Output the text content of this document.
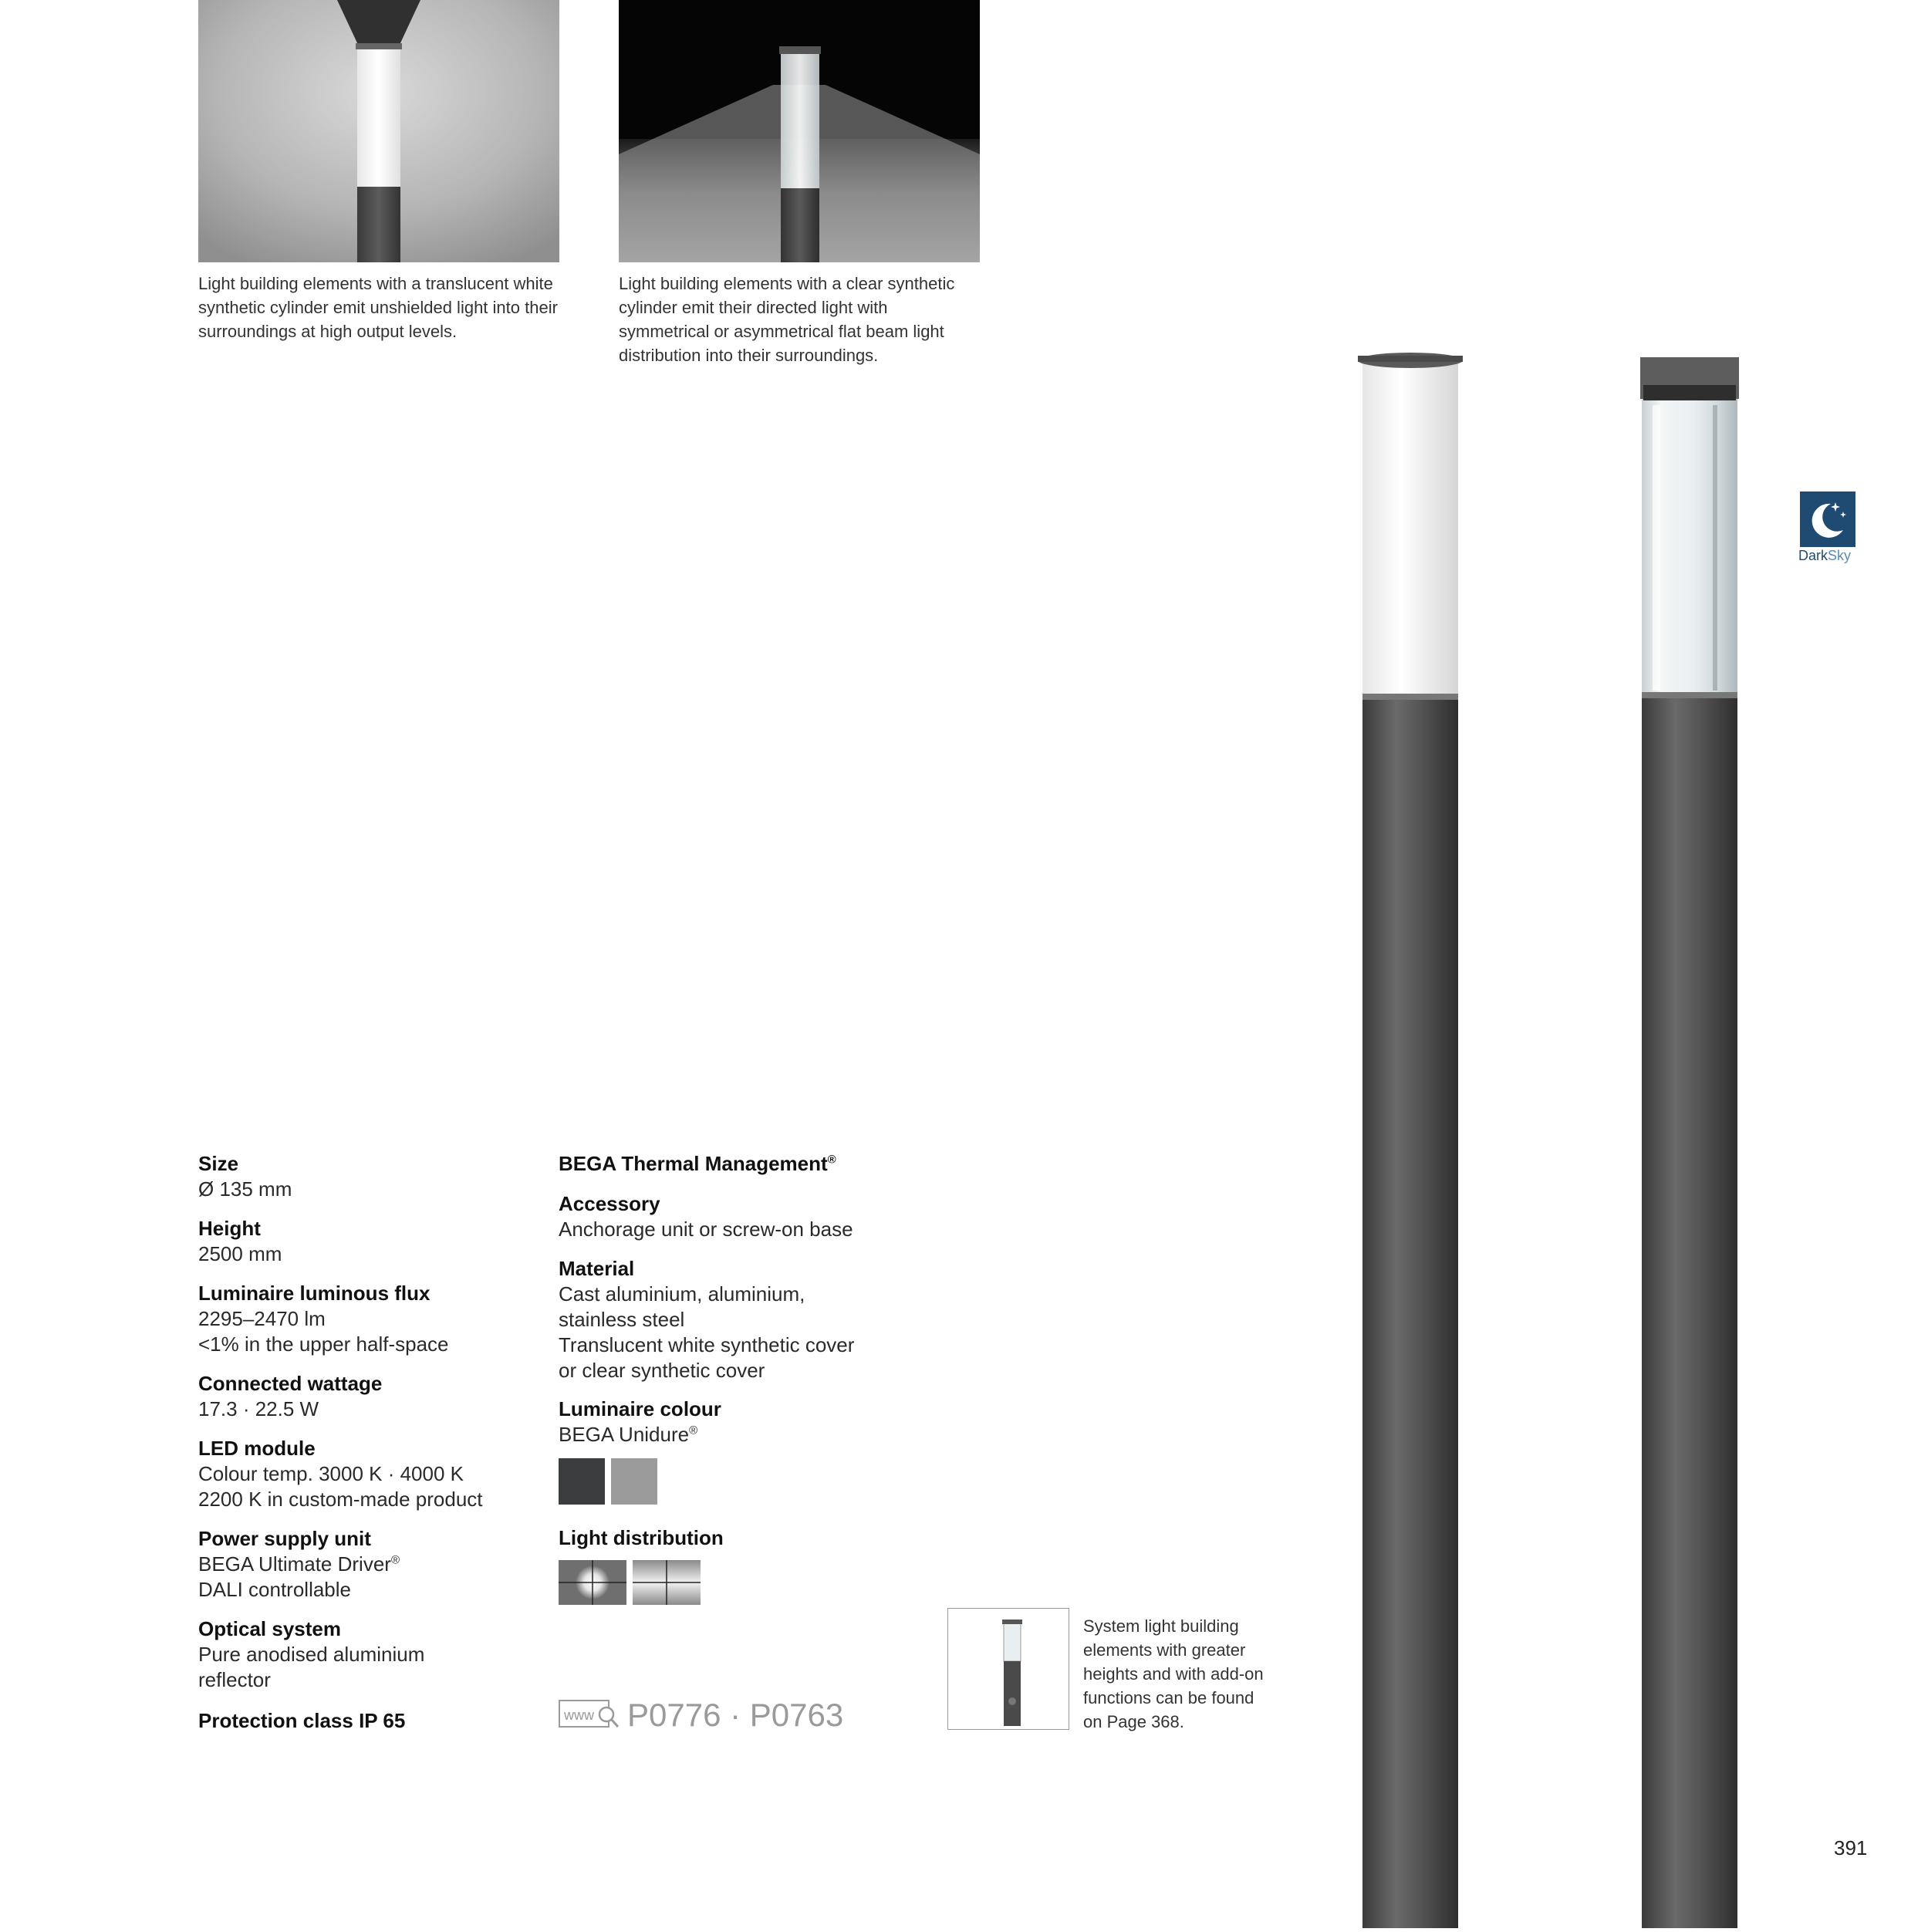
Light building elements with a translucent white synthetic cylinder emit unshielded light into their surroundings at high output levels.
Light building elements with a clear synthetic cylinder emit their directed light with symmetrical or asymmetrical flat beam light distribution into their surroundings.
DarkSky
Size
Ø 135 mm
Height
2500 mm
Luminaire luminous flux
2295–2470 lm
<1% in the upper half-space
Connected wattage
17.3 · 22.5 W
LED module
Colour temp. 3000 K · 4000 K
2200 K in custom-made product
Power supply unit
BEGA Ultimate Driver®
DALI controllable
Optical system
Pure anodised aluminium
reflector
Protection class IP 65
BEGA Thermal Management®
Accessory
Anchorage unit or screw-on base
Material
Cast aluminium, aluminium,
stainless steel
Translucent white synthetic cover
or clear synthetic cover
Luminaire colour
BEGA Unidure®
Light distribution
www P0776 · P0763
System light building elements with greater heights and with add-on functions can be found on Page 368.
391
